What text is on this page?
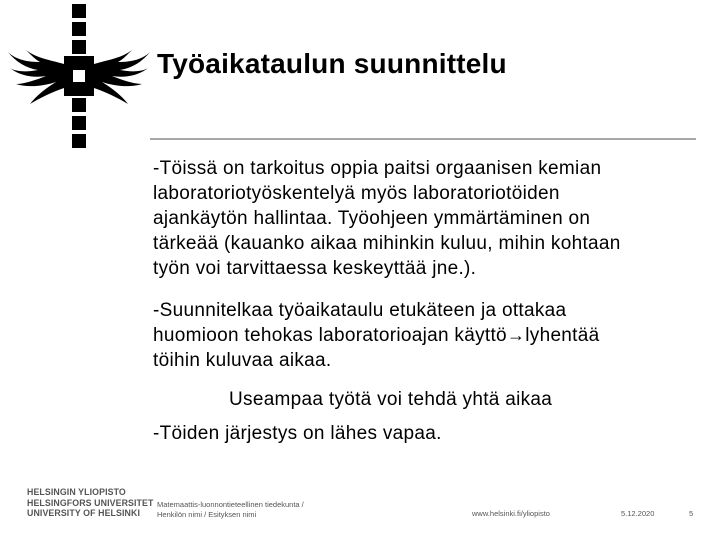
Työaikataulun suunnittelu
-Töissä on tarkoitus oppia paitsi orgaanisen kemian
laboratoriotyöskentelyä myös laboratoriotöiden
ajankäytön hallintaa. Työohjeen ymmärtäminen on
tärkeää (kauanko aikaa mihinkin kuluu, mihin kohtaan
työn voi tarvittaessa keskeyttää jne.).
-Suunnitelkaa työaikataulu etukäteen ja ottakaa
huomioon tehokas laboratorioajan käyttö→lyhentää
töihin kuluvaa aikaa.
Useampaa työtä voi tehdä yhtä aikaa
-Töiden järjestys on lähes vapaa.
HELSINGIN YLIOPISTO
HELSINGFORS UNIVERSITET
UNIVERSITY OF HELSINKI
Matemaattis-luonnontieteellinen tiedekunta /
Henkilön nimi / Esityksen nimi	www.helsinki.fi/yliopisto	5.12.2020	5
